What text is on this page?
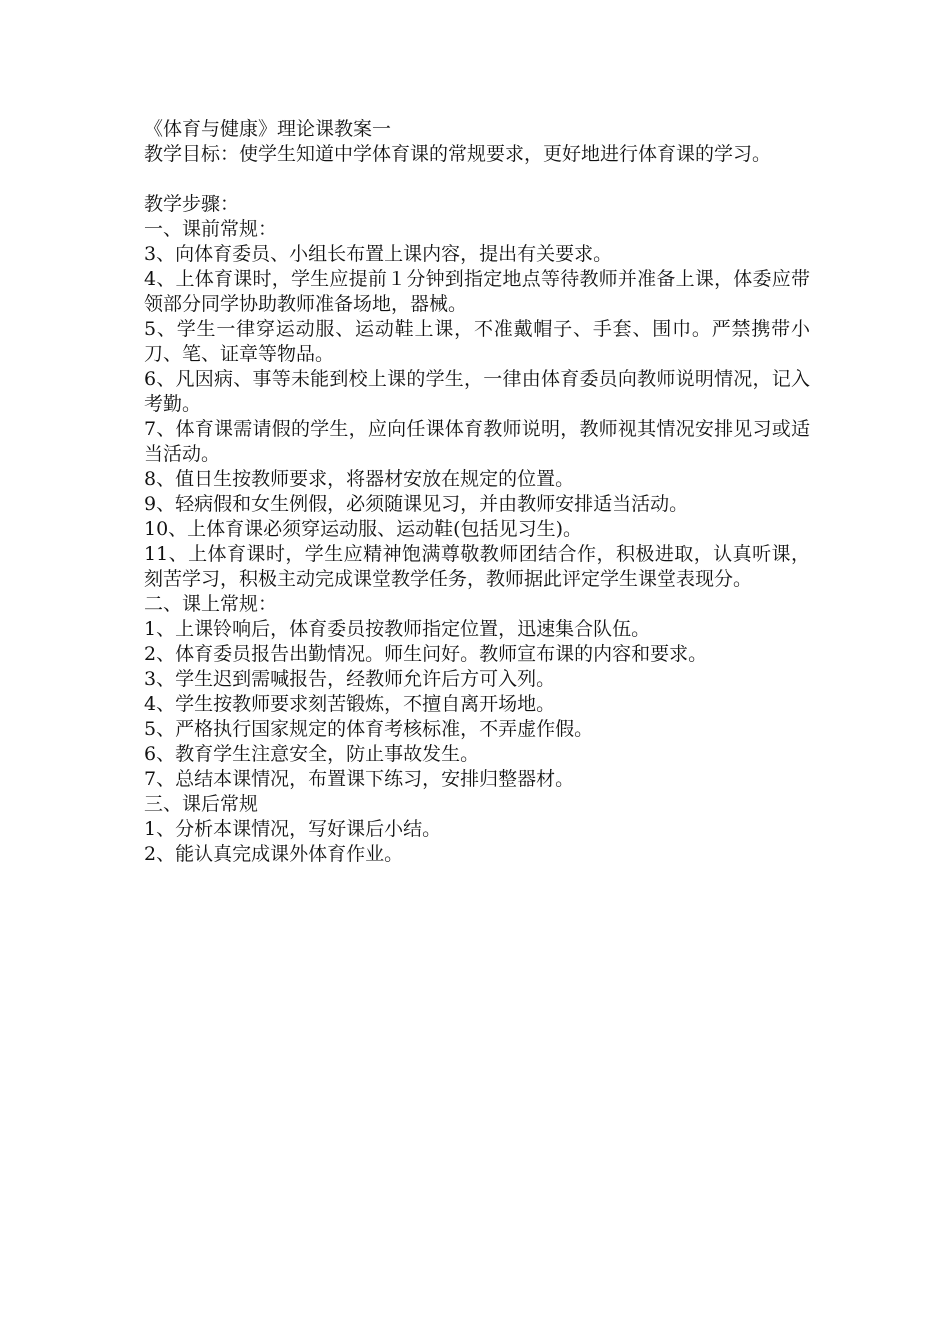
《体育与健康》理论课教案一
教学目标：使学生知道中学体育课的常规要求，更好地进行体育课的学习。
教学步骤：
一、课前常规：
3、向体育委员、小组长布置上课内容，提出有关要求。
4、上体育课时，学生应提前１分钟到指定地点等待教师并准备上课，体委应带领部分同学协助教师准备场地，器械。
5、学生一律穿运动服、运动鞋上课，不准戴帽子、手套、围巾。严禁携带小刀、笔、证章等物品。
6、凡因病、事等未能到校上课的学生，一律由体育委员向教师说明情况，记入考勤。
7、体育课需请假的学生，应向任课体育教师说明，教师视其情况安排见习或适当活动。
8、值日生按教师要求，将器材安放在规定的位置。
9、轻病假和女生例假，必须随课见习，并由教师安排适当活动。
10、上体育课必须穿运动服、运动鞋(包括见习生)。
11、上体育课时，学生应精神饱满尊敬教师团结合作，积极进取，认真听课，刻苦学习，积极主动完成课堂教学任务，教师据此评定学生课堂表现分。
二、课上常规：
1、上课铃响后，体育委员按教师指定位置，迅速集合队伍。
2、体育委员报告出勤情况。师生问好。教师宣布课的内容和要求。
3、学生迟到需喊报告，经教师允许后方可入列。
4、学生按教师要求刻苦锻炼，不擅自离开场地。
5、严格执行国家规定的体育考核标准，不弄虚作假。
6、教育学生注意安全，防止事故发生。
7、总结本课情况，布置课下练习，安排归整器材。
三、课后常规
1、分析本课情况，写好课后小结。
2、能认真完成课外体育作业。
